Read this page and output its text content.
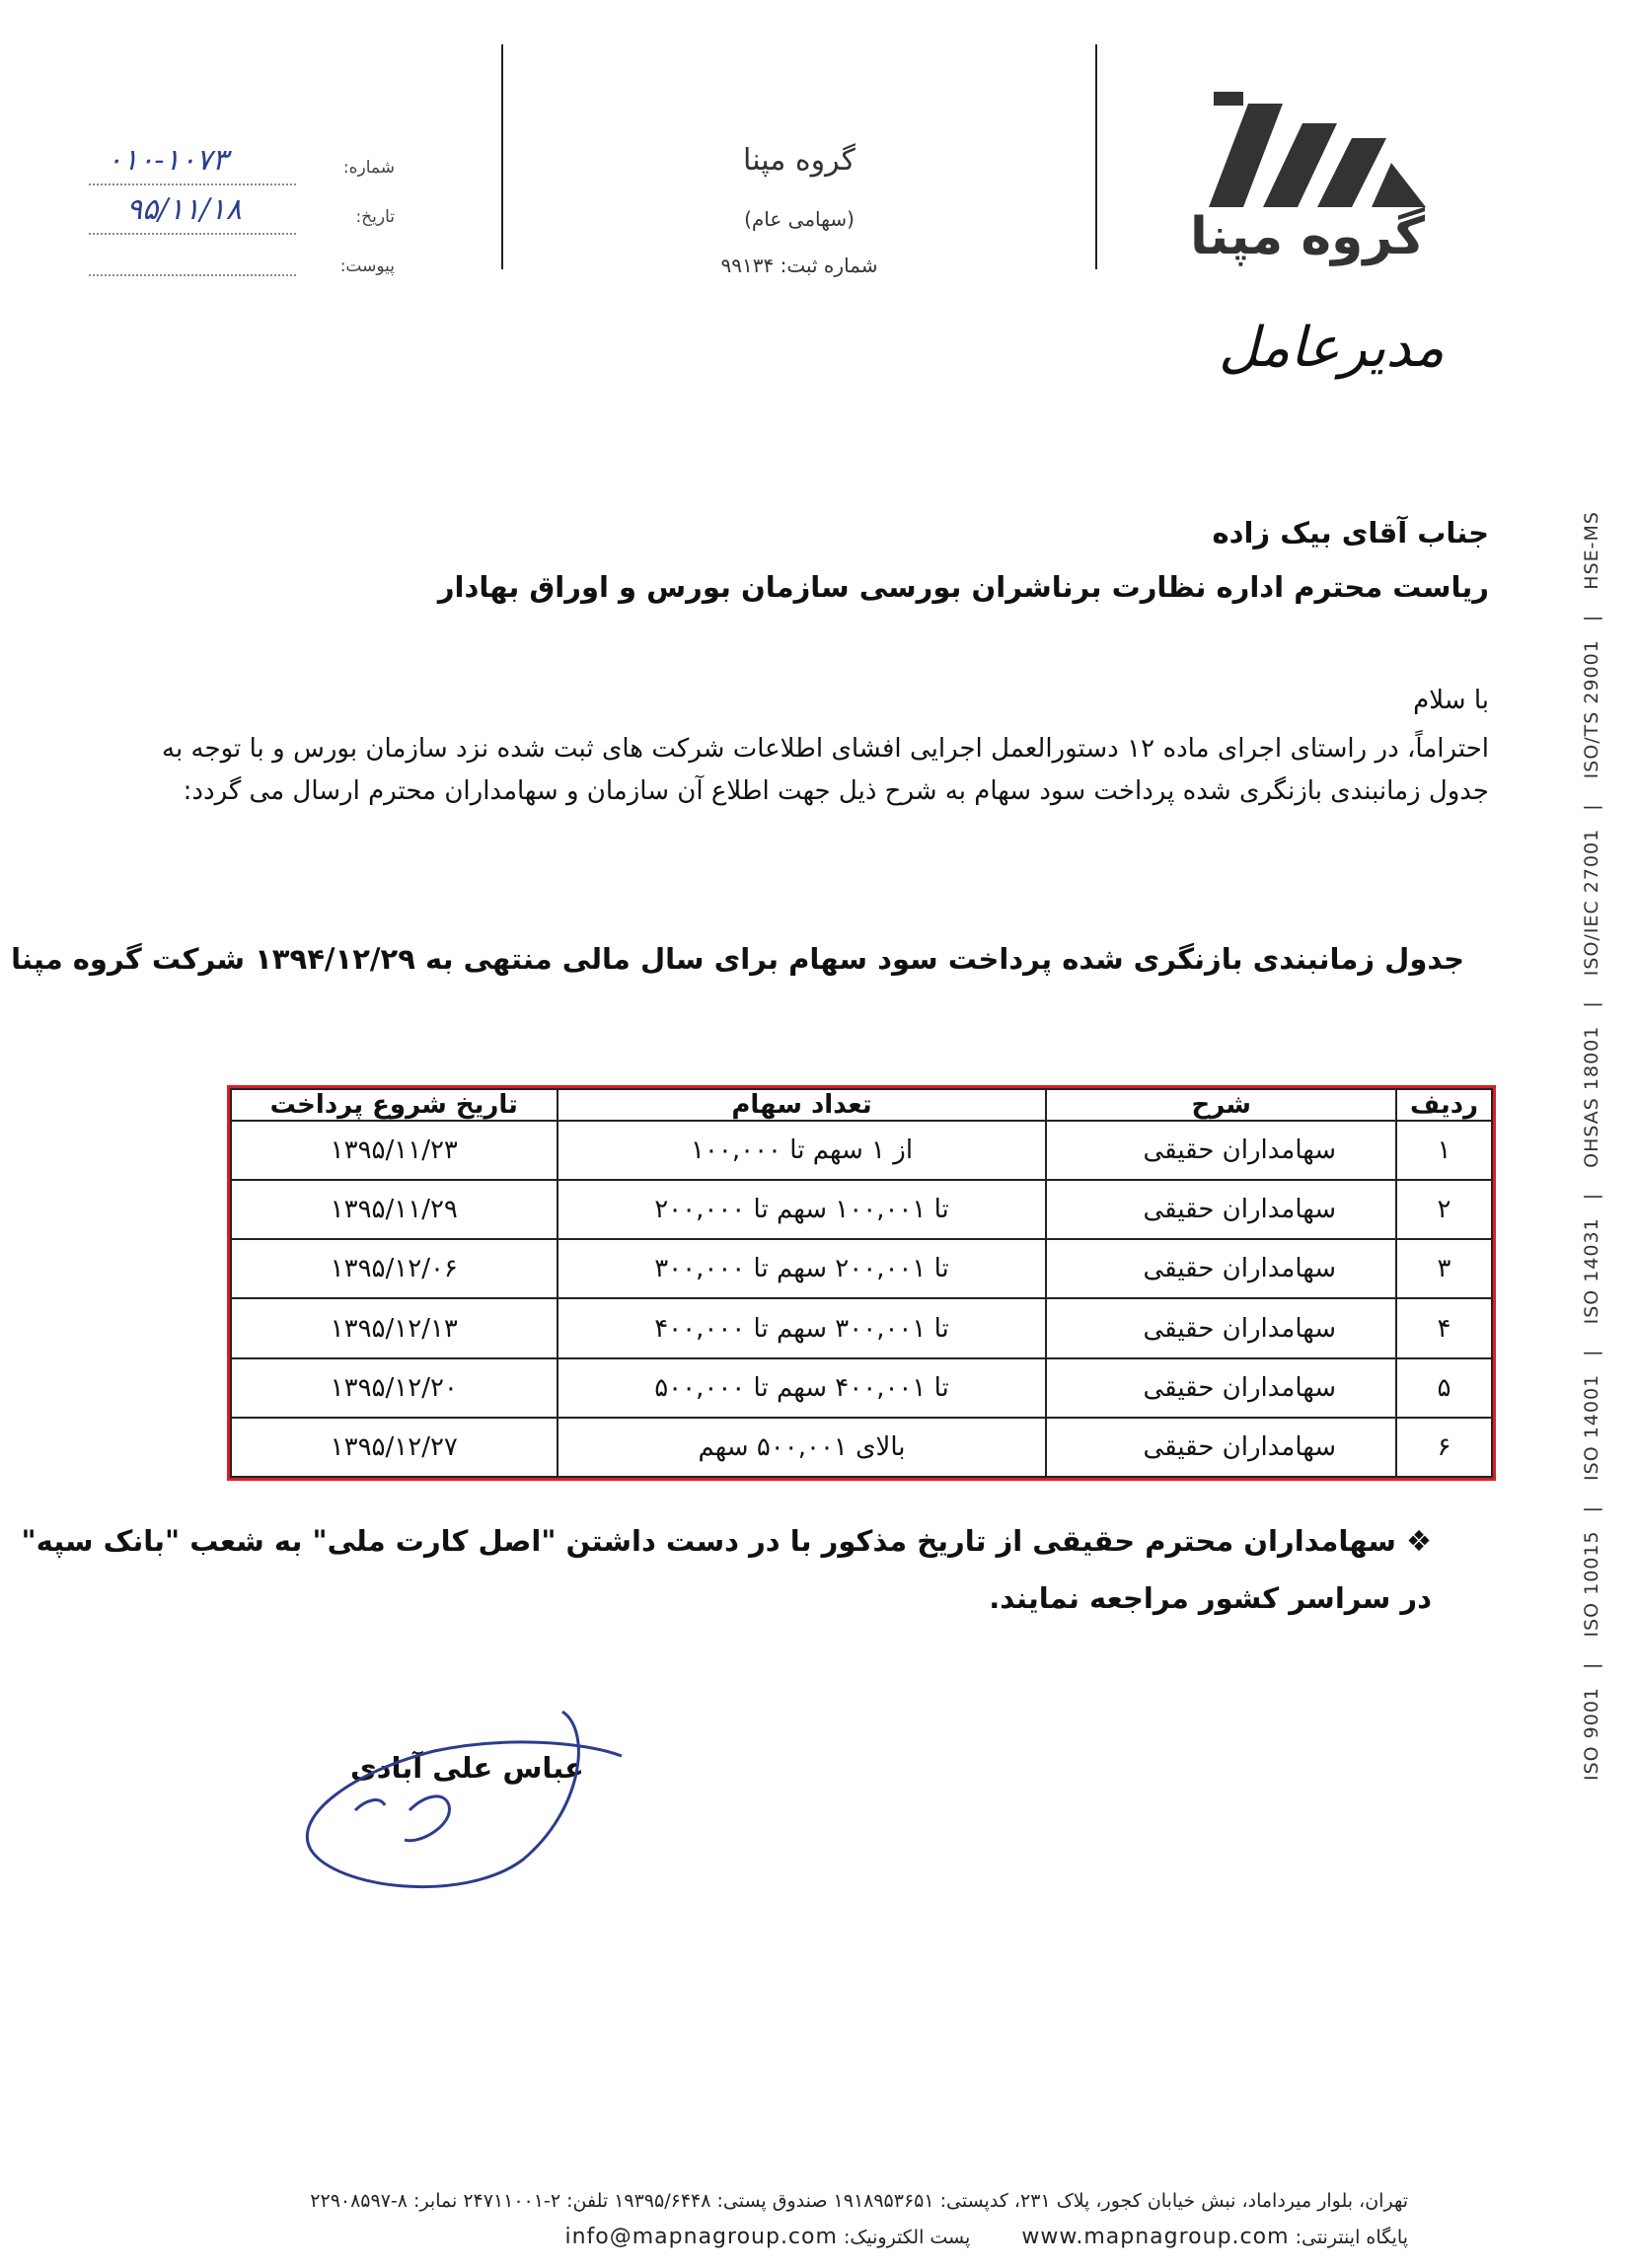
شماره:
۰۱۰-۱۰۷۳
تاریخ:
۹۵/۱۱/۱۸
پیوست:
گروه مپنا
(سهامی عام)
شماره ثبت: ۹۹۱۳۴	گروه مپنا
مدیرعامل
جناب آقای بیک زاده
ریاست محترم اداره نظارت برناشران بورسی سازمان بورس و اوراق بهادار
با سلام
احتراماً، در راستای اجرای ماده ۱۲ دستورالعمل اجرایی افشای اطلاعات شرکت های ثبت شده نزد سازمان بورس و با توجه به جدول زمانبندی بازنگری شده پرداخت سود سهام به شرح ذیل جهت اطلاع آن سازمان و سهامداران محترم ارسال می گردد:
جدول زمانبندی بازنگری شده پرداخت سود سهام برای سال مالی منتهی به ۱۳۹۴/۱۲/۲۹ شرکت گروه مپنا
ردیف	شرح	تعداد سهام	تاریخ شروع پرداخت
۱	سهامداران حقیقی	از ۱ سهم تا ۱۰۰,۰۰۰	۱۳۹۵/۱۱/۲۳
۲	سهامداران حقیقی	تا ۱۰۰,۰۰۱ سهم تا ۲۰۰,۰۰۰	۱۳۹۵/۱۱/۲۹
۳	سهامداران حقیقی	تا ۲۰۰,۰۰۱ سهم تا ۳۰۰,۰۰۰	۱۳۹۵/۱۲/۰۶
۴	سهامداران حقیقی	تا ۳۰۰,۰۰۱ سهم تا ۴۰۰,۰۰۰	۱۳۹۵/۱۲/۱۳
۵	سهامداران حقیقی	تا ۴۰۰,۰۰۱ سهم تا ۵۰۰,۰۰۰	۱۳۹۵/۱۲/۲۰
۶	سهامداران حقیقی	بالای ۵۰۰,۰۰۱ سهم	۱۳۹۵/۱۲/۲۷
❖ سهامداران محترم حقیقی از تاریخ مذکور با در دست داشتن "اصل کارت ملی" به شعب "بانک سپه"
در سراسر کشور مراجعه نمایند.
عباس علی آبادی	ISO 9001| ISO 10015| ISO 14001| ISO 14031| OHSAS 18001| ISO/IEC 27001| ISO/TS 29001| HSE-MS
تهران، بلوار میرداماد، نبش خیابان کجور، پلاک ۲۳۱، کدپستی: ۱۹۱۸۹۵۳۶۵۱ صندوق پستی: ۱۹۳۹۵/۶۴۴۸ تلفن: ۲-۲۴۷۱۱۰۰۱ نمابر: ۸-۲۲۹۰۸۵۹۷
پایگاه اینترنتی: www.mapnagroup.com  پست الکترونیک: info@mapnagroup.com
